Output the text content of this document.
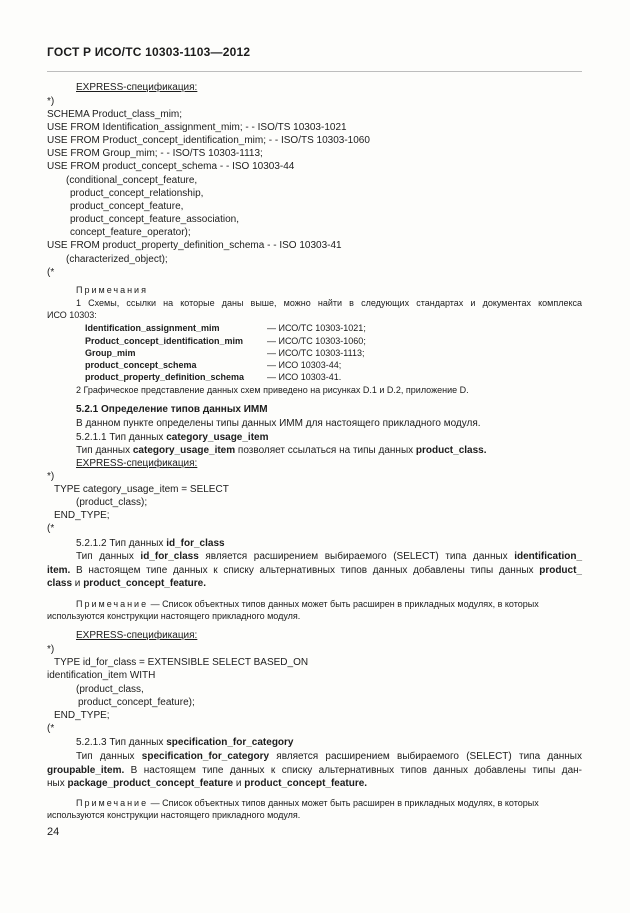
ГОСТ Р ИСО/ТС 10303-1103—2012
EXPRESS-спецификация:
*)
SCHEMA Product_class_mim;
USE FROM Identification_assignment_mim; - - ISO/TS 10303-1021
USE FROM Product_concept_identification_mim; - - ISO/TS 10303-1060
USE FROM Group_mim; - - ISO/TS 10303-1113;
USE FROM product_concept_schema - - ISO 10303-44
(conditional_concept_feature,
product_concept_relationship,
product_concept_feature,
product_concept_feature_association,
concept_feature_operator);
USE FROM product_property_definition_schema - - ISO 10303-41
(characterized_object);
(*
Примечания
1 Схемы, ссылки на которые даны выше, можно найти в следующих стандартах и документах комплекса
ИСО 10303:
Identification_assignment_mim	— ИСО/ТС 10303-1021;
Product_concept_identification_mim	— ИСО/ТС 10303-1060;
Group_mim	— ИСО/ТС 10303-1113;
product_concept_schema	— ИСО 10303-44;
product_property_definition_schema	— ИСО 10303-41.
2 Графическое представление данных схем приведено на рисунках D.1 и D.2, приложение D.
5.2.1 Определение типов данных ИММ
В данном пункте определены типы данных ИММ для настоящего прикладного модуля.
5.2.1.1 Тип данных category_usage_item
Тип данных category_usage_item позволяет ссылаться на типы данных product_class.
EXPRESS-спецификация:
*)
TYPE category_usage_item = SELECT
(product_class);
END_TYPE;
(*
5.2.1.2 Тип данных id_for_class
Тип данных id_for_class является расширением выбираемого (SELECT) типа данных identification_
item. В настоящем типе данных к списку альтернативных типов данных добавлены типы данных product_
class и product_concept_feature.
Примечание — Список объектных типов данных может быть расширен в прикладных модулях, в которых
используются конструкции настоящего прикладного модуля.
EXPRESS-спецификация:
*)
TYPE id_for_class = EXTENSIBLE SELECT BASED_ON
identification_item WITH
(product_class,
product_concept_feature);
END_TYPE;
(*
5.2.1.3 Тип данных specification_for_category
Тип данных specification_for_category является расширением выбираемого (SELECT) типа данных
groupable_item. В настоящем типе данных к списку альтернативных типов данных добавлены типы дан-
ных package_product_concept_feature и product_concept_feature.
Примечание — Список объектных типов данных может быть расширен в прикладных модулях, в которых
используются конструкции настоящего прикладного модуля.
24
